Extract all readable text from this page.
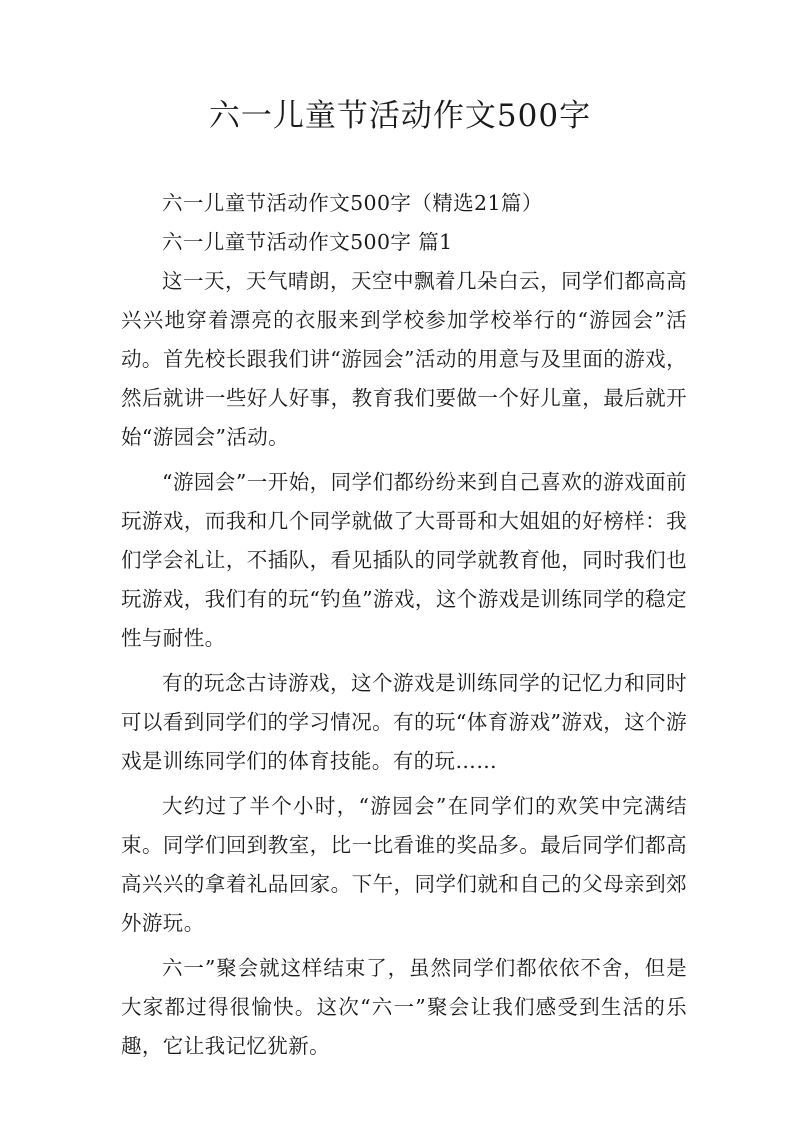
六一儿童节活动作文500字

六一儿童节活动作文500字（精选21篇）

六一儿童节活动作文500字 篇1

这一天，天气晴朗，天空中飘着几朵白云，同学们都高高兴兴地穿着漂亮的衣服来到学校参加学校举行的“游园会”活动。首先校长跟我们讲“游园会”活动的用意与及里面的游戏，然后就讲一些好人好事，教育我们要做一个好儿童，最后就开始“游园会”活动。

“游园会”一开始，同学们都纷纷来到自己喜欢的游戏面前玩游戏，而我和几个同学就做了大哥哥和大姐姐的好榜样：我们学会礼让，不插队，看见插队的同学就教育他，同时我们也玩游戏，我们有的玩“钓鱼”游戏，这个游戏是训练同学的稳定性与耐性。

有的玩念古诗游戏，这个游戏是训练同学的记忆力和同时可以看到同学们的学习情况。有的玩“体育游戏”游戏，这个游戏是训练同学们的体育技能。有的玩……

大约过了半个小时，“游园会”在同学们的欢笑中完满结束。同学们回到教室，比一比看谁的奖品多。最后同学们都高高兴兴的拿着礼品回家。下午，同学们就和自己的父母亲到郊外游玩。

六一”聚会就这样结束了，虽然同学们都依依不舍，但是大家都过得很愉快。这次“六一”聚会让我们感受到生活的乐趣，它让我记忆犹新。
